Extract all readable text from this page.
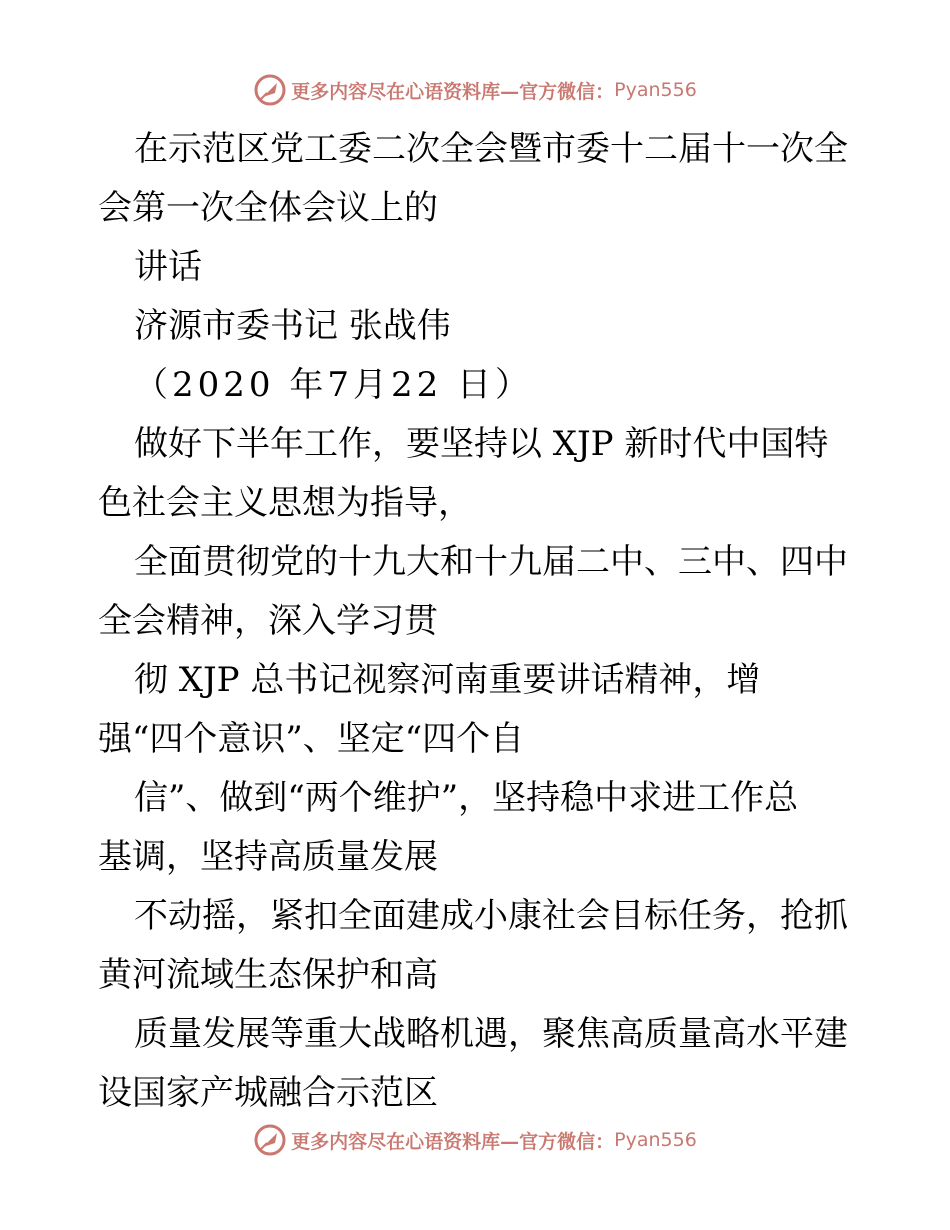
更多内容尽在心语资料库—官方微信： Pyan556
在示范区党工委二次全会暨市委十二届十一次全
会第一次全体会议上的
讲话
济源市委书记 张战伟
（2020 年7月22 日）
做好下半年工作，要坚持以 XJP 新时代中国特
色社会主义思想为指导，
全面贯彻党的十九大和十九届二中、三中、四中
全会精神，深入学习贯
彻 XJP 总书记视察河南重要讲话精神，增
强“四个意识”、坚定“四个自
信”、做到“两个维护”，坚持稳中求进工作总
基调，坚持高质量发展
不动摇，紧扣全面建成小康社会目标任务，抢抓
黄河流域生态保护和高
质量发展等重大战略机遇，聚焦高质量高水平建
设国家产城融合示范区
更多内容尽在心语资料库—官方微信： Pyan556
